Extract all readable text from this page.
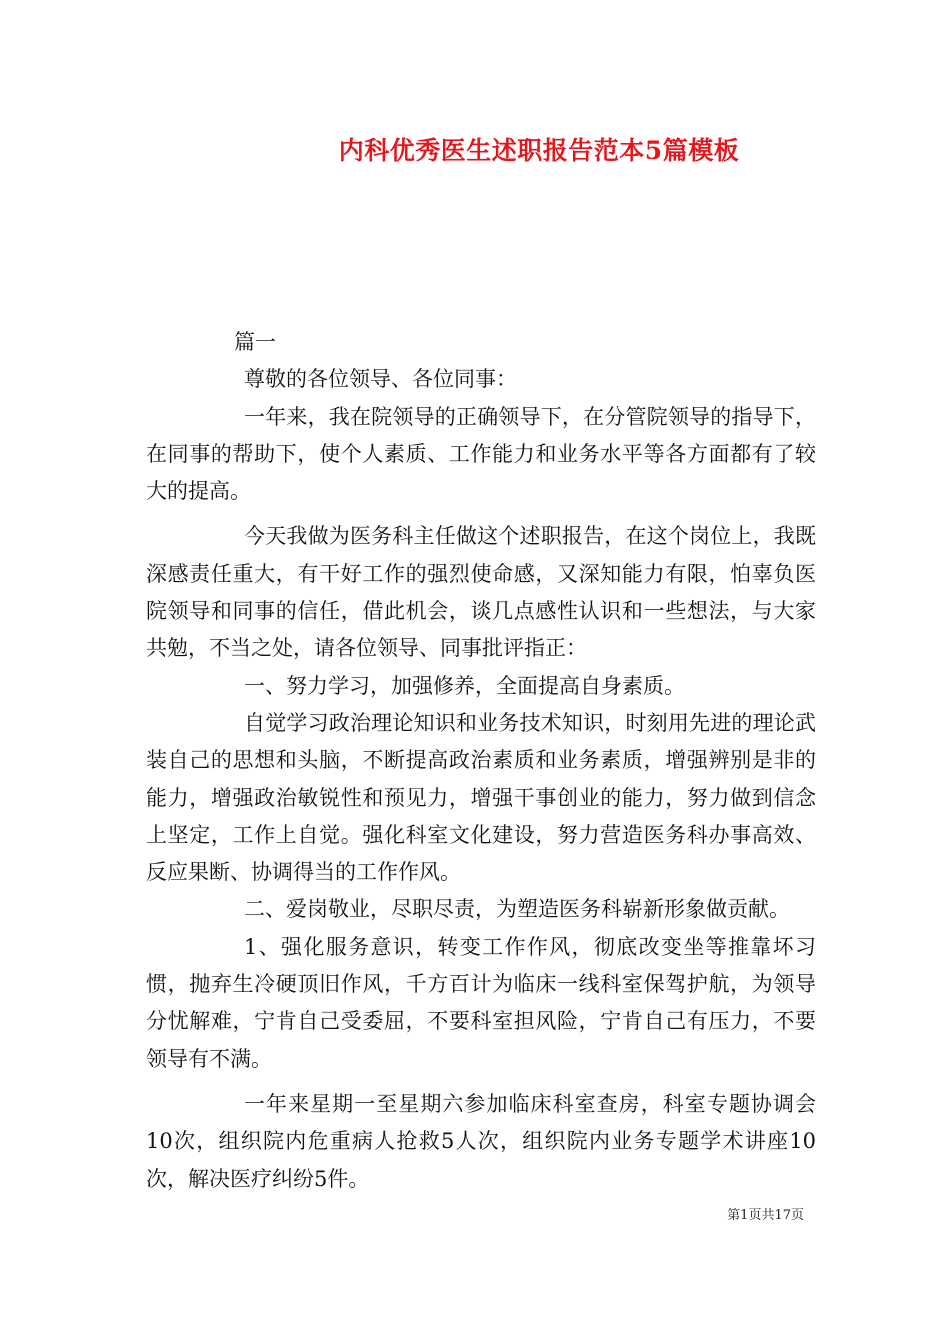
内科优秀医生述职报告范本5篇模板

篇一

尊敬的各位领导、各位同事：

一年来，我在院领导的正确领导下，在分管院领导的指导下，在同事的帮助下，使个人素质、工作能力和业务水平等各方面都有了较大的提高。

今天我做为医务科主任做这个述职报告，在这个岗位上，我既深感责任重大，有干好工作的强烈使命感，又深知能力有限，怕辜负医院领导和同事的信任，借此机会，谈几点感性认识和一些想法，与大家共勉，不当之处，请各位领导、同事批评指正：

一、努力学习，加强修养，全面提高自身素质。

自觉学习政治理论知识和业务技术知识，时刻用先进的理论武装自己的思想和头脑，不断提高政治素质和业务素质，增强辨别是非的能力，增强政治敏锐性和预见力，增强干事创业的能力，努力做到信念上坚定，工作上自觉。强化科室文化建设，努力营造医务科办事高效、反应果断、协调得当的工作作风。

二、爱岗敬业，尽职尽责，为塑造医务科崭新形象做贡献。

1、强化服务意识，转变工作作风，彻底改变坐等推靠坏习惯，抛弃生冷硬顶旧作风，千方百计为临床一线科室保驾护航，为领导分忧解难，宁肯自己受委屈，不要科室担风险，宁肯自己有压力，不要领导有不满。

一年来星期一至星期六参加临床科室查房，科室专题协调会10次，组织院内危重病人抢救5人次，组织院内业务专题学术讲座10次，解决医疗纠纷5件。

第1页共17页
